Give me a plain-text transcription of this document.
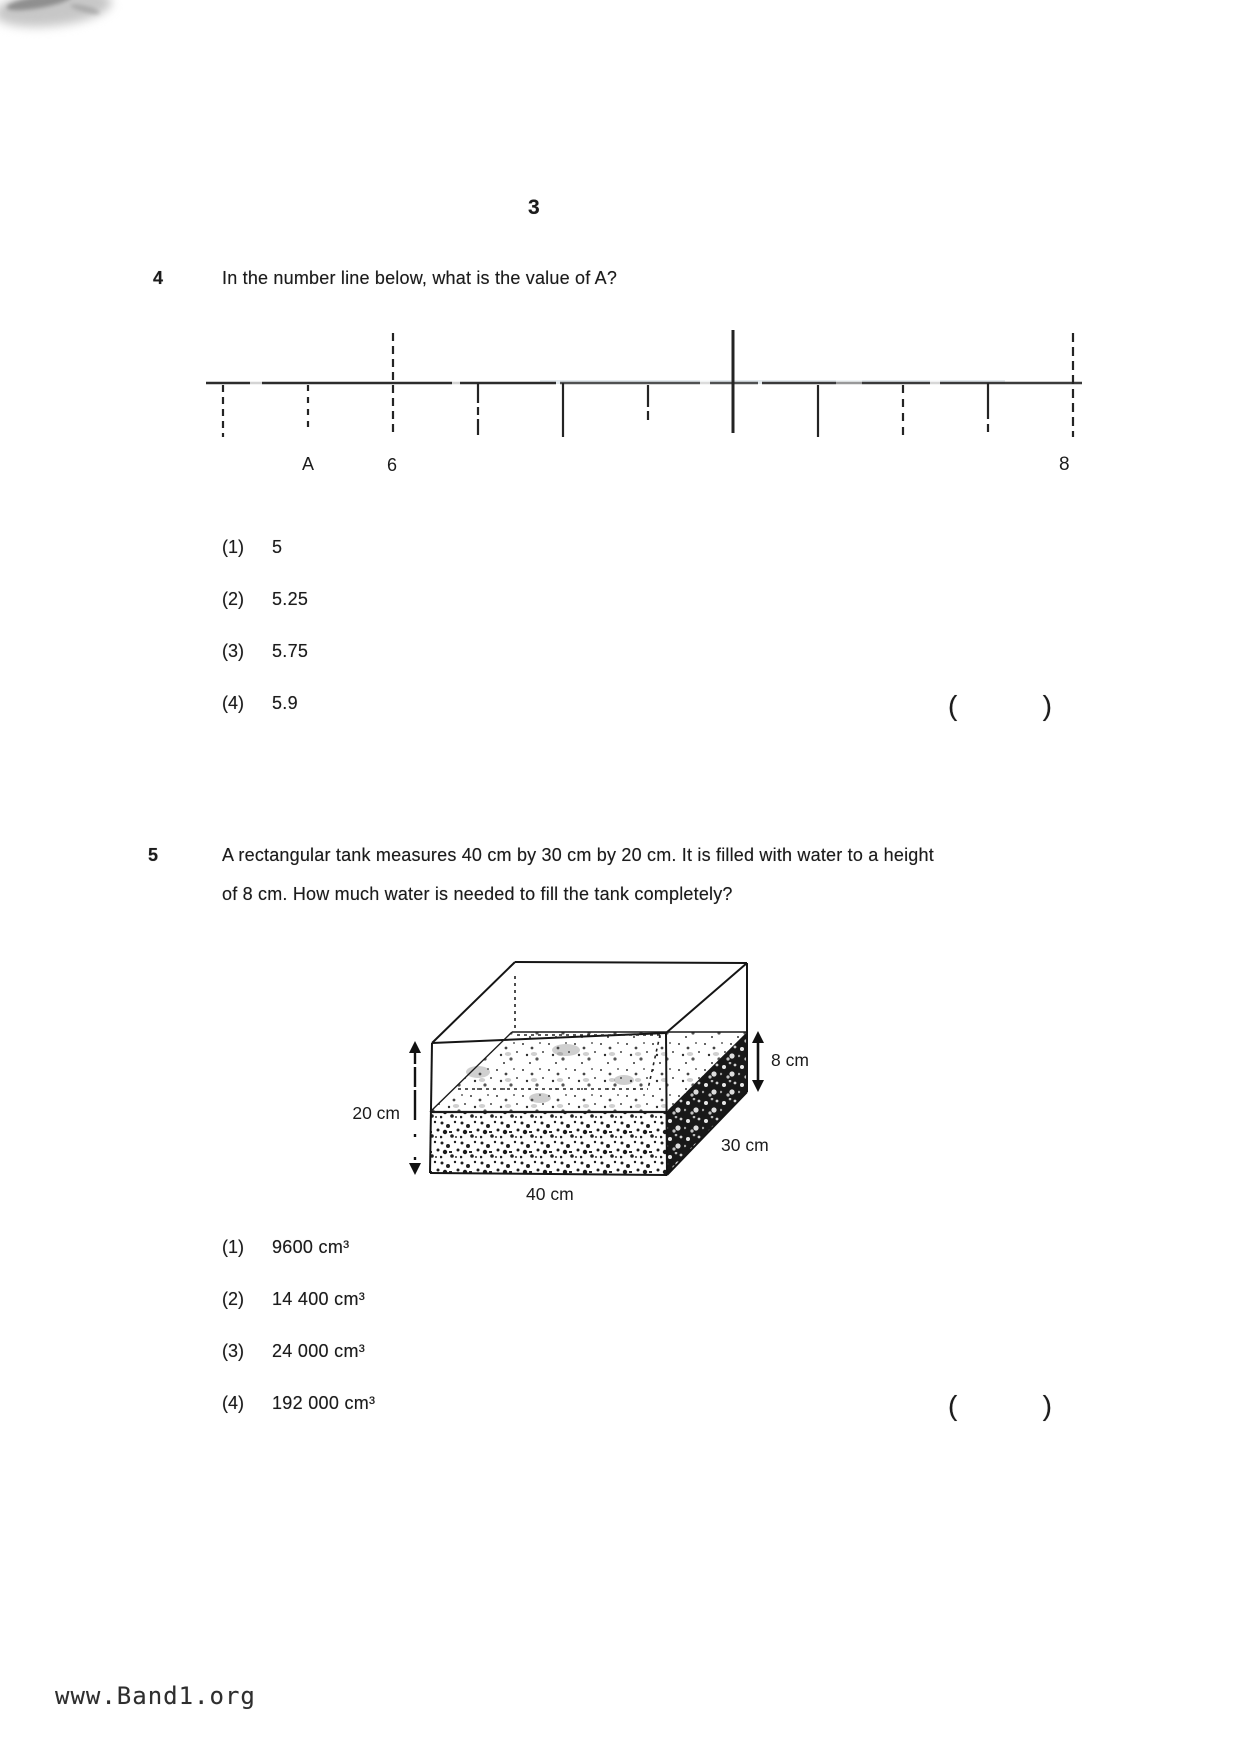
3
4	In the number line below, what is the value of A?
A	6	8
(1)	5
(2)	5.25
(3)	5.75
(4)	5.9	(	)
5	A rectangular tank measures 40 cm by 30 cm by 20 cm. It is filled with water to a height
of 8 cm. How much water is needed to fill the tank completely?
20 cm
8 cm
30 cm
40 cm
(1)	9600 cm³
(2)	14 400 cm³
(3)	24 000 cm³
(4)	192 000 cm³	(	)
www.Band1.org
